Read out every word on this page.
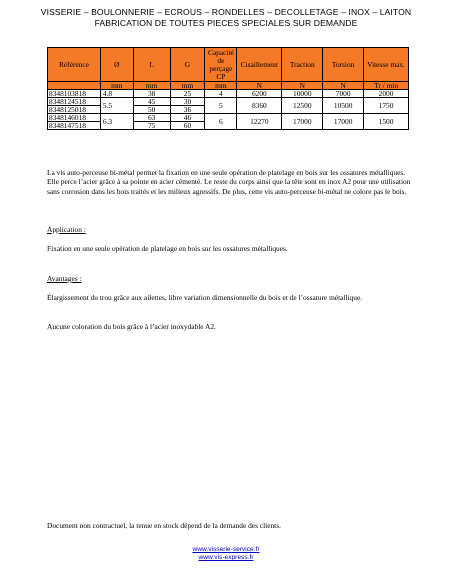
VISSERIE – BOULONNERIE – ECROUS – RONDELLES – DECOLLETAGE – INOX – LAITON
FABRICATION DE TOUTES PIECES SPECIALES SUR DEMANDE
Référence	Ø	L	G	Capacité de perçage CP	Cisaillement	Traction	Torsion	Vitesse max.
	mm	mm	mm	mm	N	N	N	Tr / min
8348103818	4.8	38	25	4	6200	10000	7000	2000
8348124518	5.5	45	30	5	8360	12500	10500	1750
8348125018		50	36					
8348146018	6.3	63	46	6	12270	17000	17000	1500
8348147518		75	60					
La vis auto-perceuse bi-métal permet la fixation en une seule opération de platelage en bois sur les ossatures métalliques. Elle perce l’acier grâce à sa pointe en acier cémenté. Le reste du corps ainsi que la tête sont en inox A2 pour une utilisation sans corrosion dans les bois traités et les milieux agressifs. De plus, cette vis auto-perceuse bi-métal ne colore pas le bois.
Application :
Fixation en une seule opération de platelage en bois sur les ossatures métalliques.
Avantages :
Élargissement du trou grâce aux ailettes, libre variation dimensionnelle du bois et de l’ossature métallique.
Aucune coloration du bois grâce à l’acier inoxydable A2.
Document non contractuel, la tenue en stock dépend de la demande des clients.
www.visserie-service.fr
www.vis-express.fr
